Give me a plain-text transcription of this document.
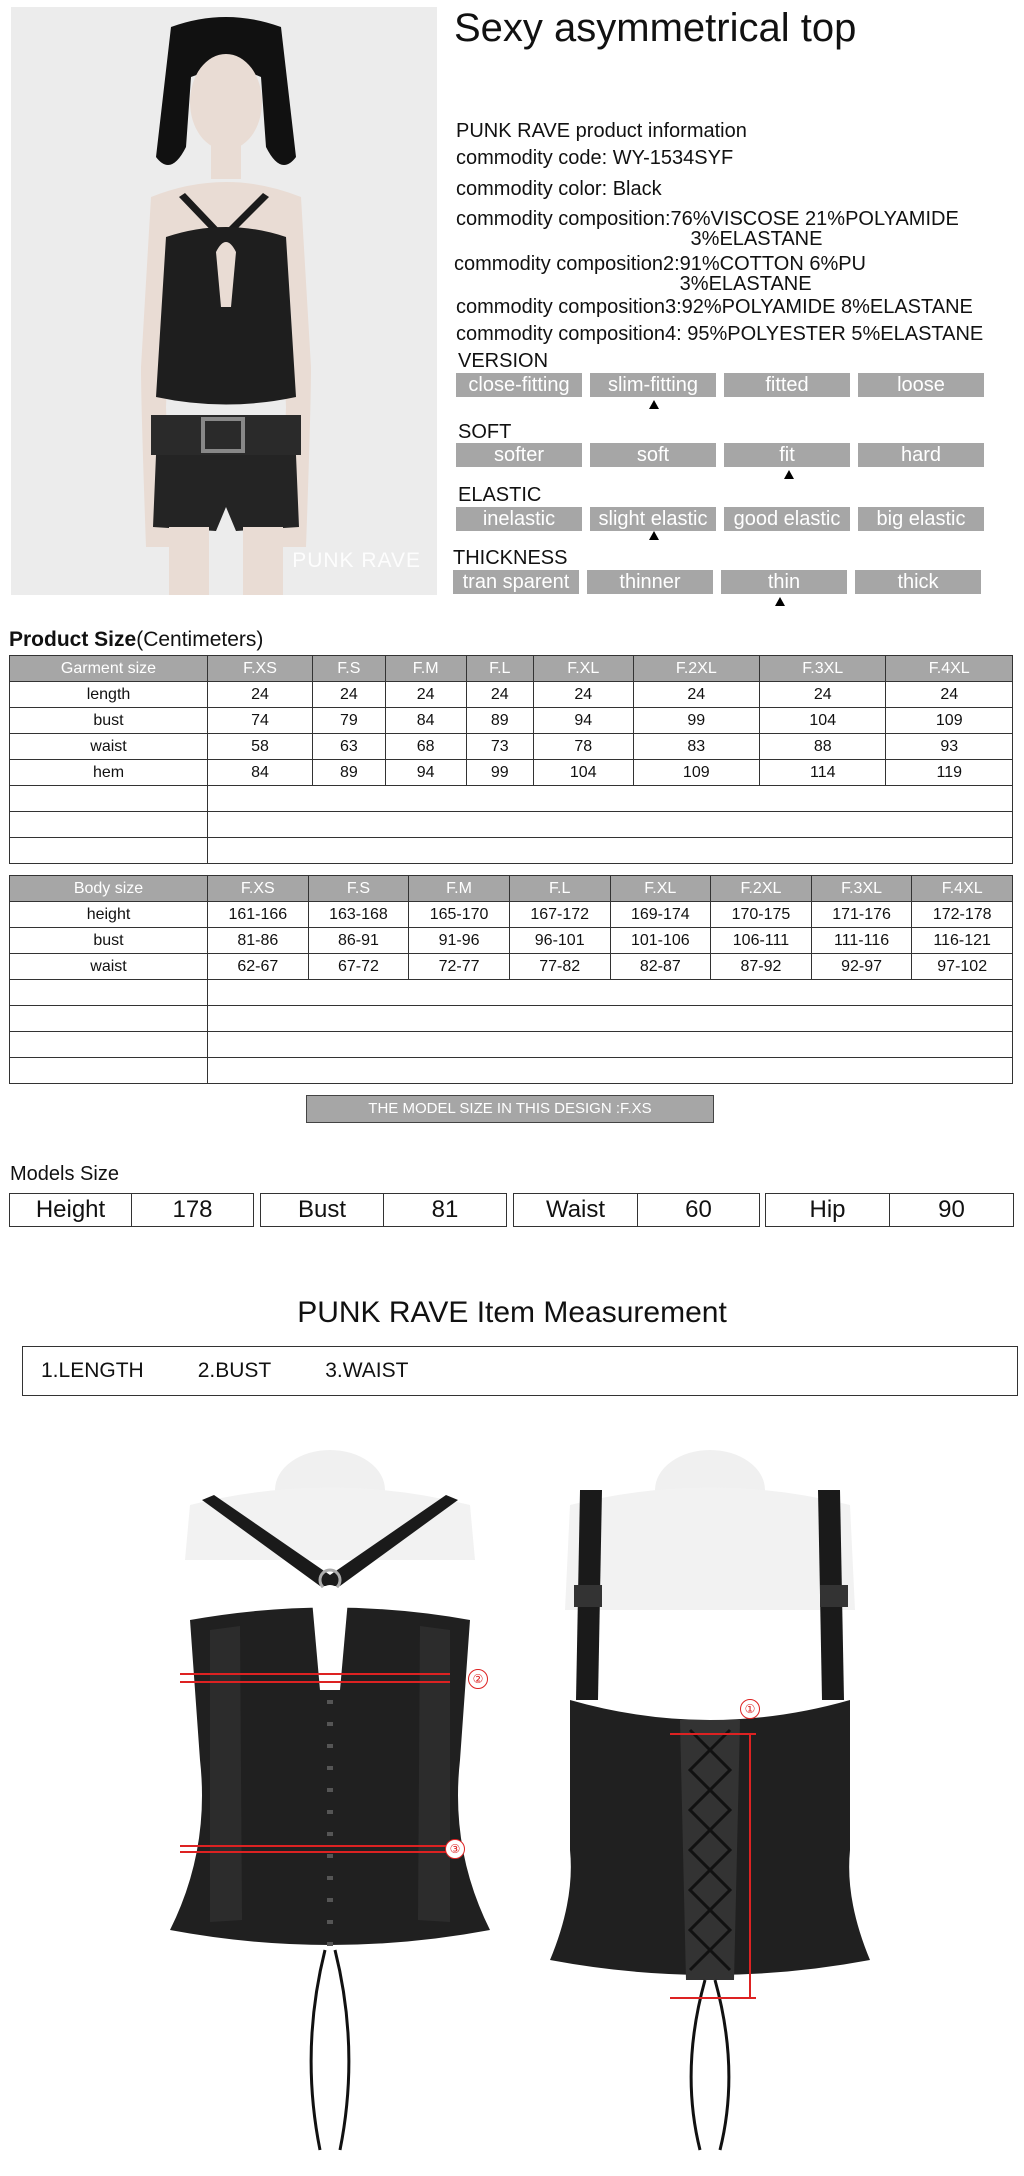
PUNK RAVE
Sexy asymmetrical top
PUNK RAVE product information
commodity code:
WY-1534SYF
commodity color:
Black
commodity composition: 76%VISCOSE 21%POLYAMIDE
3%ELASTANE
commodity composition2: 91%COTTON 6%PU
3%ELASTANE
commodity composition3: 92%POLYAMIDE 8%ELASTANE
commodity composition4:
95%POLYESTER 5%ELASTANE
VERSION
close-fitting	slim-fitting	fitted	loose
SOFT
softer	soft	fit	hard
ELASTIC
inelastic	slight elastic	good elastic	big elastic
THICKNESS
tran sparent	thinner	thin	thick
Product Size(Centimeters)
Garment size	F.XS	F.S	F.M	F.L	F.XL	F.2XL	F.3XL	F.4XL
length	24	24	24	24	24	24	24	24
bust	74	79	84	89	94	99	104	109
waist	58	63	68	73	78	83	88	93
hem	84	89	94	99	104	109	114	119

Body size	F.XS	F.S	F.M	F.L	F.XL	F.2XL	F.3XL	F.4XL
height	161-166	163-168	165-170	167-172	169-174	170-175	171-176	172-178
bust	81-86	86-91	91-96	96-101	101-106	106-111	111-116	116-121
waist	62-67	67-72	72-77	77-82	82-87	87-92	92-97	97-102

THE MODEL SIZE IN THIS DESIGN :F.XS
Models Size
Height	178	Bust	81	Waist	60	Hip	90
PUNK RAVE Item Measurement
1.LENGTH	2.BUST	3.WAIST
②
③
①
